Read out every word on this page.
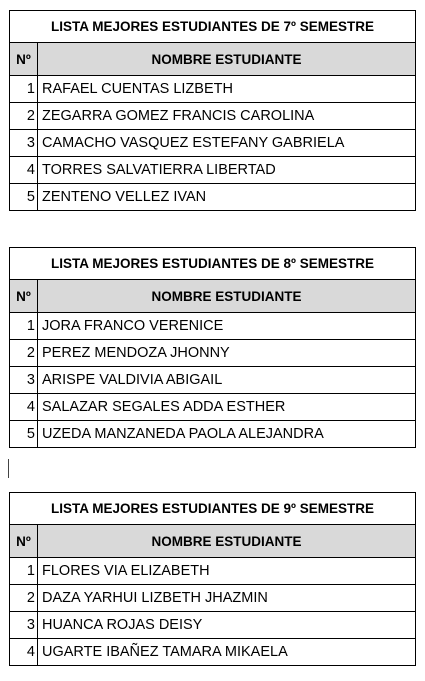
LISTA MEJORES ESTUDIANTES DE 7º SEMESTRE	
Nº	NOMBRE ESTUDIANTE
1	RAFAEL CUENTAS LIZBETH
2	ZEGARRA GOMEZ FRANCIS CAROLINA
3	CAMACHO VASQUEZ ESTEFANY GABRIELA
4	TORRES SALVATIERRA LIBERTAD
5	ZENTENO VELLEZ IVAN
LISTA MEJORES ESTUDIANTES DE 8º SEMESTRE	
Nº	NOMBRE ESTUDIANTE
1	JORA FRANCO VERENICE
2	PEREZ MENDOZA JHONNY
3	ARISPE VALDIVIA ABIGAIL
4	SALAZAR SEGALES ADDA ESTHER
5	UZEDA MANZANEDA PAOLA ALEJANDRA
LISTA MEJORES ESTUDIANTES DE 9º SEMESTRE	
Nº	NOMBRE ESTUDIANTE
1	FLORES VIA ELIZABETH
2	DAZA YARHUI LIZBETH JHAZMIN
3	HUANCA ROJAS DEISY
4	UGARTE IBAÑEZ TAMARA MIKAELA
